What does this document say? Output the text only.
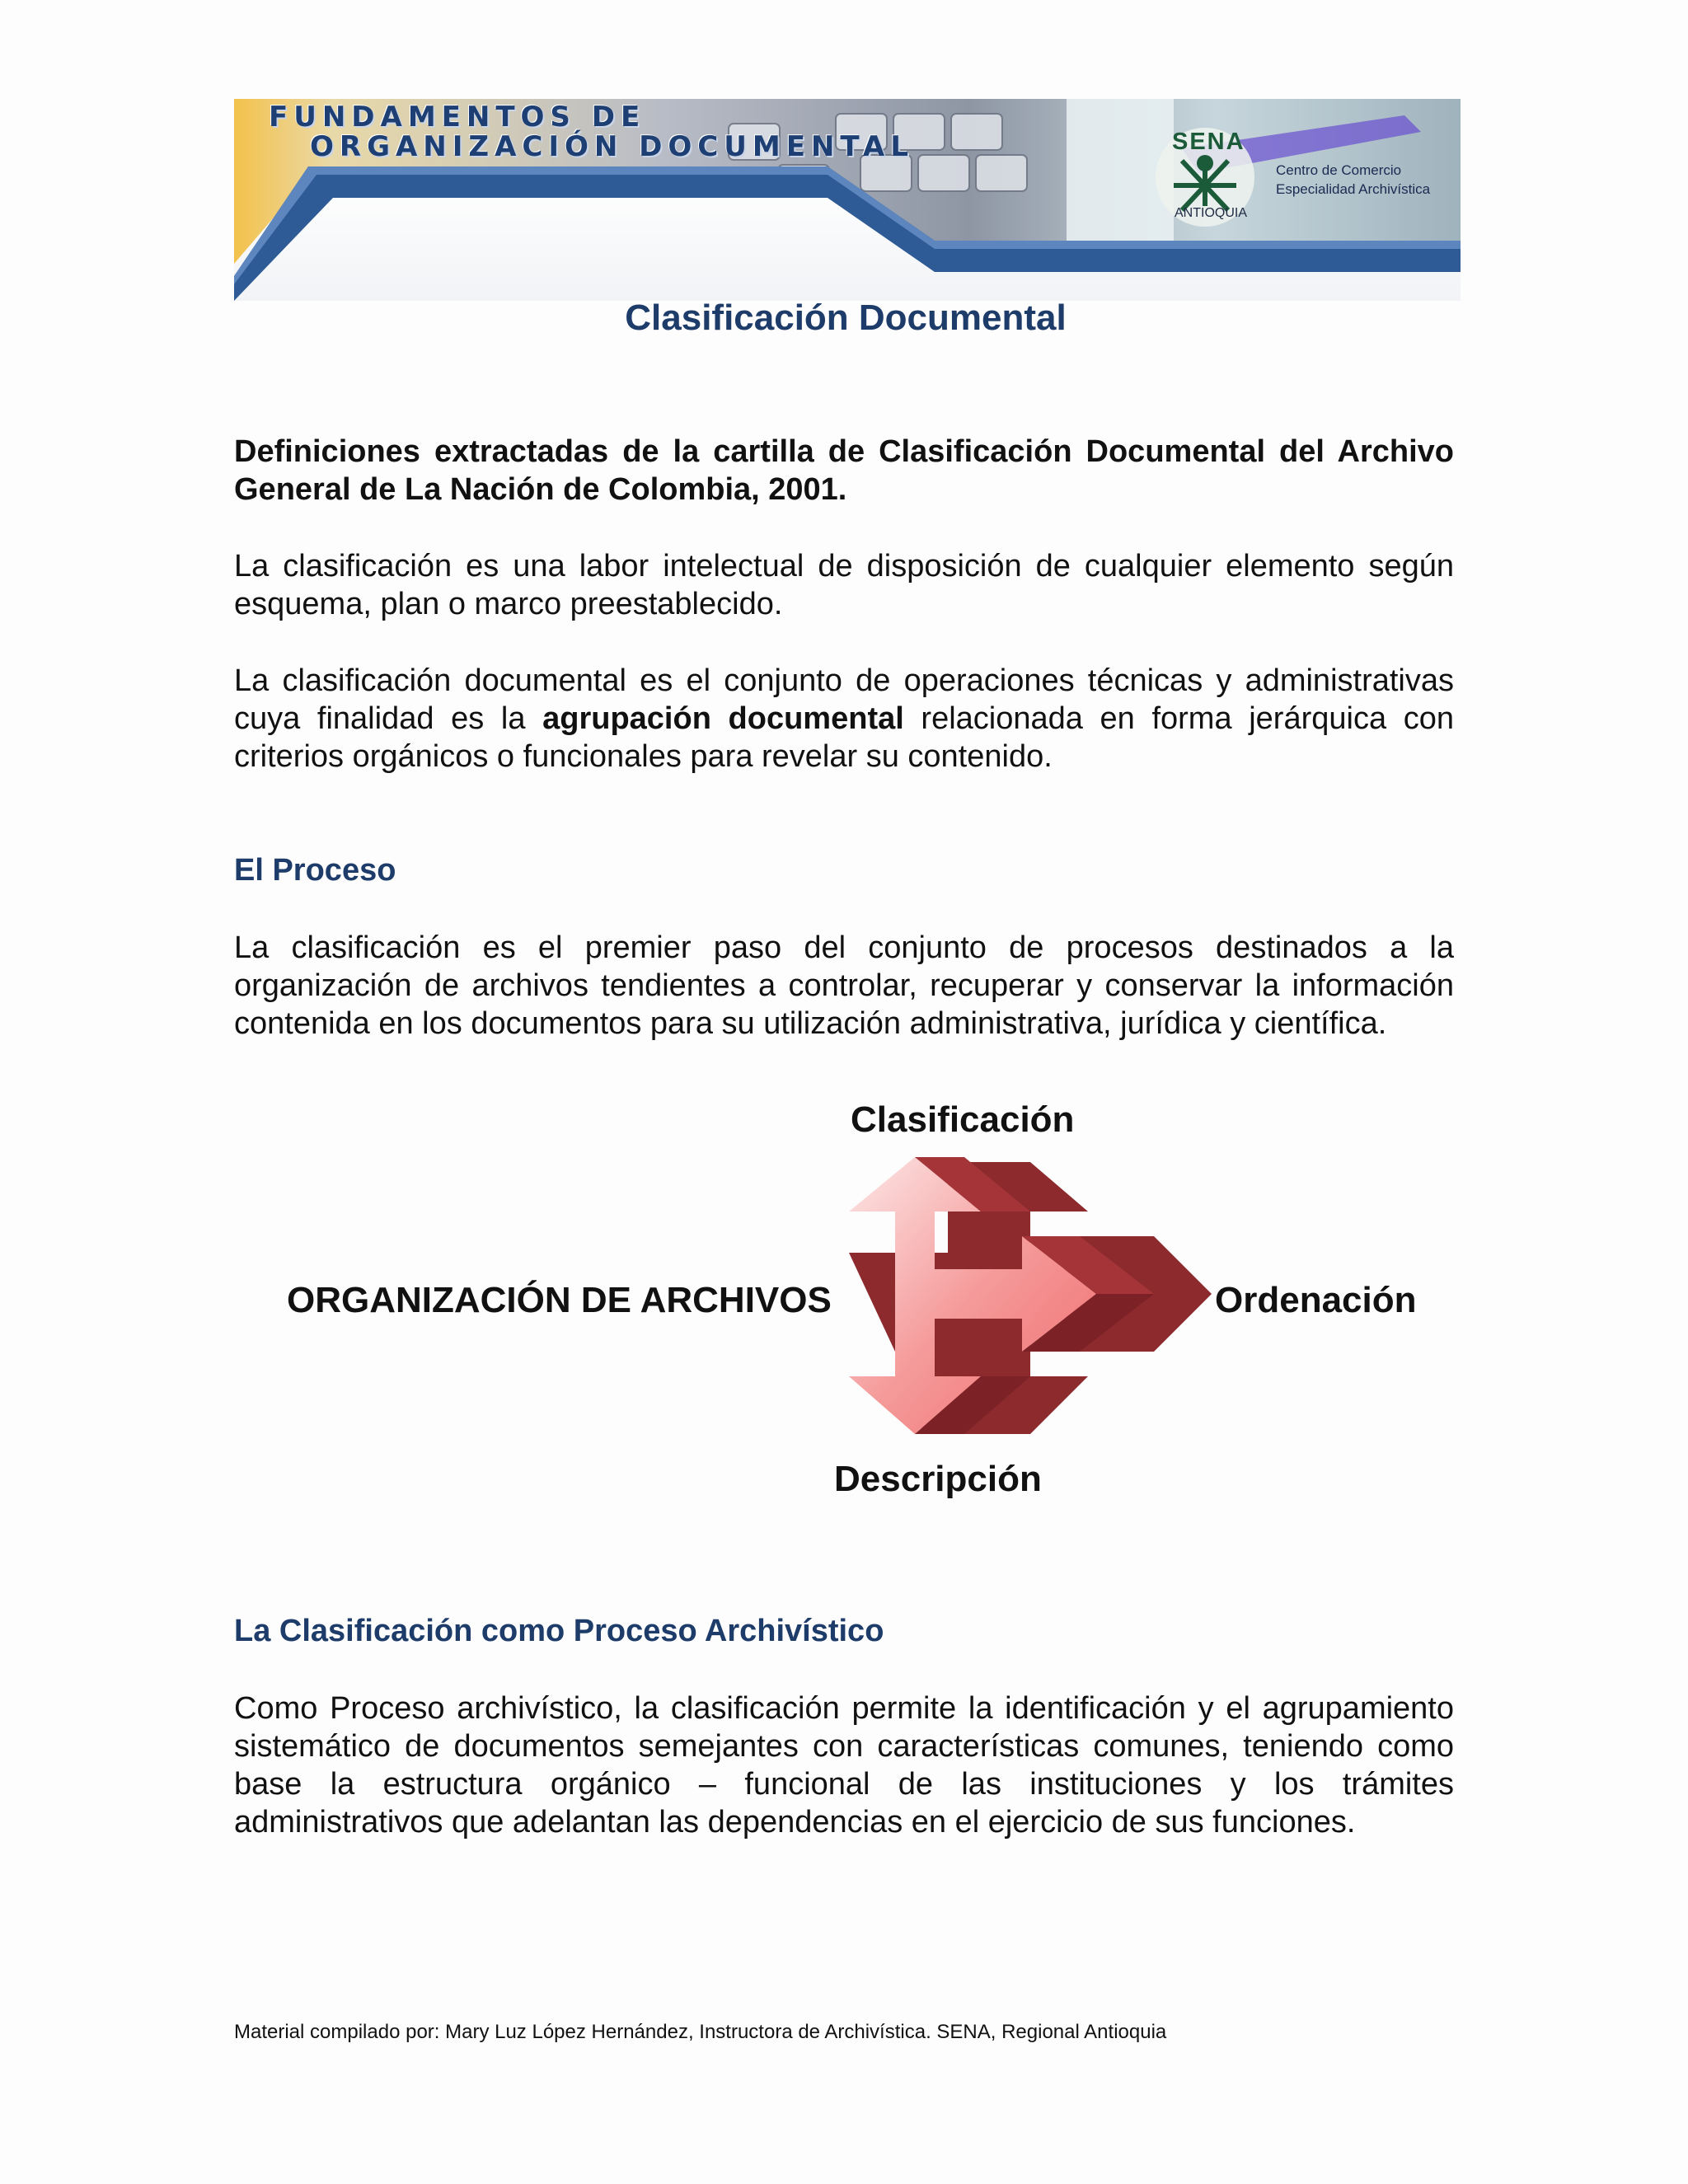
FUNDAMENTOS DE
ORGANIZACIÓN DOCUMENTAL	SENA
ANTIOQUIA
Centro de Comercio
Especialidad Archivística
Clasificación Documental
Definiciones extractadas de la cartilla de Clasificación Documental del Archivo General de La Nación de Colombia, 2001.
La clasificación es una labor intelectual de disposición de cualquier elemento según esquema, plan o marco preestablecido.
La clasificación documental es el conjunto de operaciones técnicas y administrativas cuya finalidad es la agrupación documental relacionada en forma jerárquica con criterios orgánicos o funcionales para revelar su contenido.
El Proceso
La clasificación es el premier paso del conjunto de procesos destinados a la organización de archivos tendientes a controlar, recuperar y conservar la información contenida en los documentos para su utilización administrativa, jurídica y científica.
Clasificación
ORGANIZACIÓN DE ARCHIVOS	Ordenación
Descripción
La Clasificación como Proceso Archivístico
Como Proceso archivístico, la clasificación permite la identificación y el agrupamiento sistemático de documentos semejantes con características comunes, teniendo como base la estructura orgánico – funcional de las instituciones y los trámites administrativos que adelantan las dependencias en el ejercicio de sus funciones.
Material compilado por: Mary Luz López Hernández, Instructora de Archivística. SENA, Regional Antioquia
